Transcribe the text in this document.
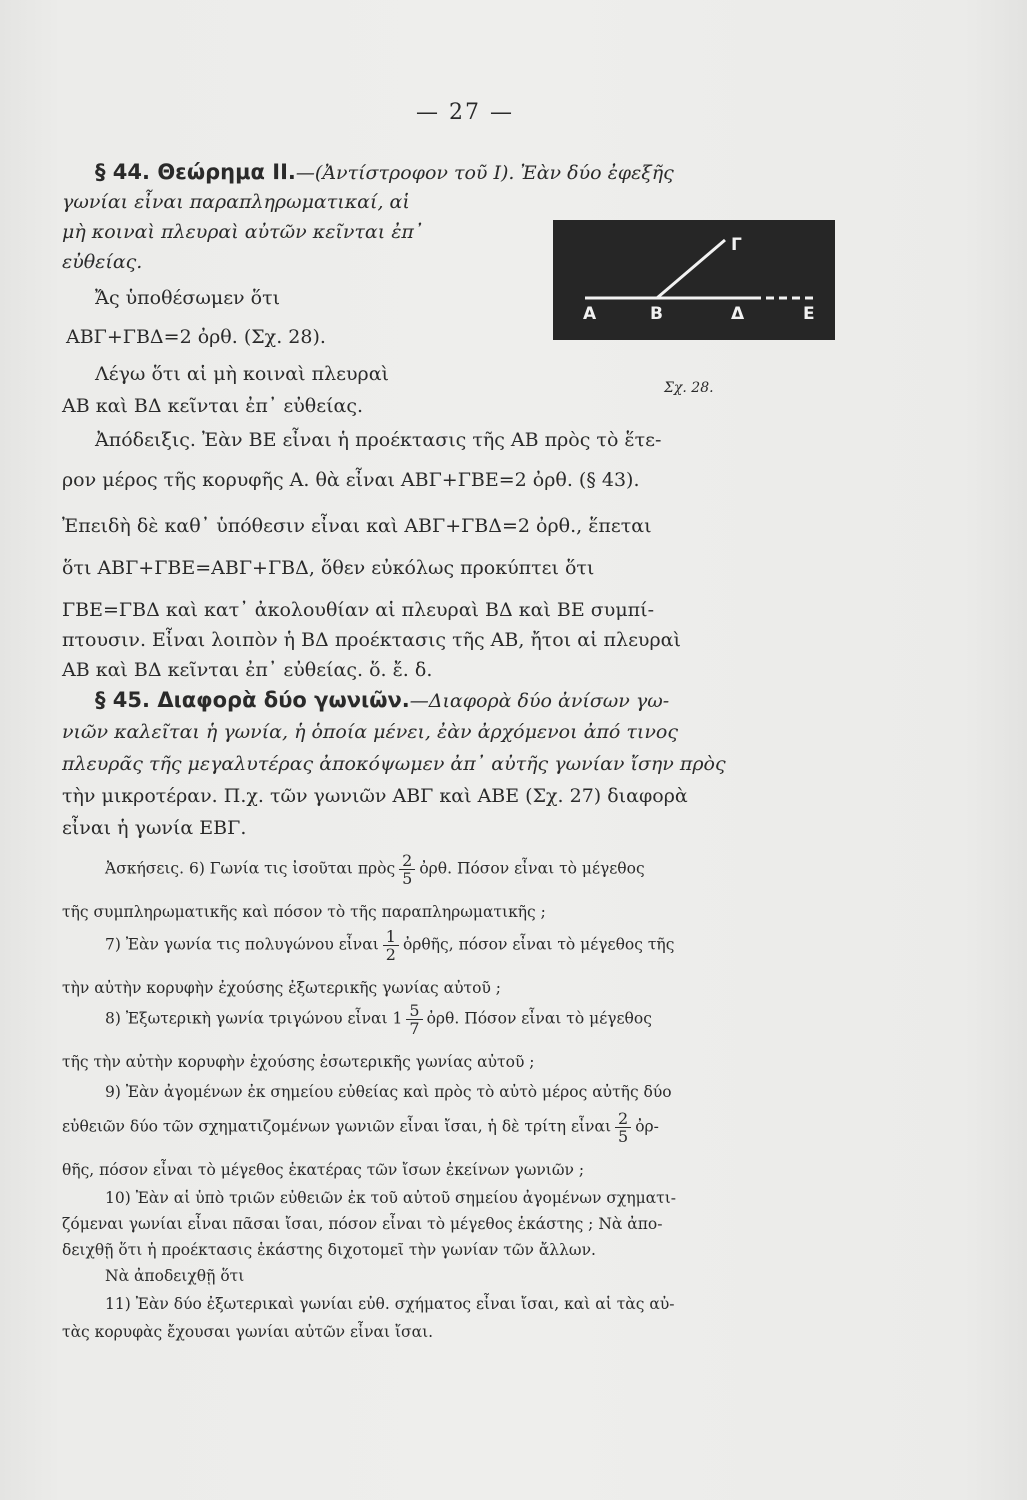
— 27 —
Α	Β	Δ	Ε
Γ
Σχ. 28.
§ 44. Θεώρημα ΙΙ.—(Ἀντίστροφον τοῦ Ι). Ἐὰν δύο ἐφεξῆς
γωνίαι εἶναι παραπληρωματικαί, αἱ
μὴ κοιναὶ πλευραὶ αὐτῶν κεῖνται ἐπ᾽
εὐθείας.
Ἄς ὑποθέσωμεν ὅτι
ΑΒΓ+ΓΒΔ=2 ὀρθ. (Σχ. 28).
Λέγω ὅτι αἱ μὴ κοιναὶ πλευραὶ
ΑΒ καὶ ΒΔ κεῖνται ἐπ᾽ εὐθείας.
Ἀπόδειξις. Ἐὰν ΒΕ εἶναι ἡ προέκτασις τῆς ΑΒ πρὸς τὸ ἕτε-
ρον μέρος τῆς κορυφῆς Α. θὰ εἶναι ΑΒΓ+ΓΒΕ=2 ὀρθ. (§ 43).
Ἐπειδὴ δὲ καθ᾽ ὑπόθεσιν εἶναι καὶ ΑΒΓ+ΓΒΔ=2 ὀρθ., ἕπεται
ὅτι ΑΒΓ+ΓΒΕ=ΑΒΓ+ΓΒΔ, ὅθεν εὐκόλως προκύπτει ὅτι
ΓΒΕ=ΓΒΔ καὶ κατ᾽ ἀκολουθίαν αἱ πλευραὶ ΒΔ καὶ ΒΕ συμπί-
πτουσιν. Εἶναι λοιπὸν ἡ ΒΔ προέκτασις τῆς ΑΒ, ἤτοι αἱ πλευραὶ
ΑΒ καὶ ΒΔ κεῖνται ἐπ᾽ εὐθείας. ὅ. ἔ. δ.
§ 45. Διαφορὰ δύο γωνιῶν.—Διαφορὰ δύο ἀνίσων γω-
νιῶν καλεῖται ἡ γωνία, ἡ ὁποία μένει, ἐὰν ἀρχόμενοι ἀπό τινος
πλευρᾶς τῆς μεγαλυτέρας ἀποκόψωμεν ἀπ᾽ αὐτῆς γωνίαν ἴσην πρὸς
τὴν μικροτέραν. Π.χ. τῶν γωνιῶν ΑΒΓ καὶ ΑΒΕ (Σχ. 27) διαφορὰ
εἶναι ἡ γωνία ΕΒΓ.
Ἀσκήσεις. 6) Γωνία τις ἰσοῦται πρὸς $\frac{2}{5}$ ὀρθ. Πόσον εἶναι τὸ μέγεθος
τῆς συμπληρωματικῆς καὶ πόσον τὸ τῆς παραπληρωματικῆς ;
7) Ἐὰν γωνία τις πολυγώνου εἶναι $\frac{1}{2}$ ὀρθῆς, πόσον εἶναι τὸ μέγεθος τῆς
τὴν αὐτὴν κορυφὴν ἐχούσης ἐξωτερικῆς γωνίας αὐτοῦ ;
8) Ἐξωτερικὴ γωνία τριγώνου εἶναι $1 \frac{5}{7}$ ὀρθ. Πόσον εἶναι τὸ μέγεθος
τῆς τὴν αὐτὴν κορυφὴν ἐχούσης ἐσωτερικῆς γωνίας αὐτοῦ ;
9) Ἐὰν ἀγομένων ἐκ σημείου εὐθείας καὶ πρὸς τὸ αὐτὸ μέρος αὐτῆς δύο
εὐθειῶν δύο τῶν σχηματιζομένων γωνιῶν εἶναι ἴσαι, ἡ δὲ τρίτη εἶναι $\frac{2}{5}$ ὀρ-
θῆς, πόσον εἶναι τὸ μέγεθος ἑκατέρας τῶν ἴσων ἐκείνων γωνιῶν ;
10) Ἐὰν αἱ ὑπὸ τριῶν εὐθειῶν ἐκ τοῦ αὐτοῦ σημείου ἀγομένων σχηματι-
ζόμεναι γωνίαι εἶναι πᾶσαι ἴσαι, πόσον εἶναι τὸ μέγεθος ἑκάστης ; Νὰ ἀπο-
δειχθῇ ὅτι ἡ προέκτασις ἑκάστης διχοτομεῖ τὴν γωνίαν τῶν ἄλλων.
Νὰ ἀποδειχθῇ ὅτι
11) Ἐὰν δύο ἐξωτερικαὶ γωνίαι εὐθ. σχήματος εἶναι ἴσαι, καὶ αἱ τὰς αὐ-
τὰς κορυφὰς ἔχουσαι γωνίαι αὐτῶν εἶναι ἴσαι.
